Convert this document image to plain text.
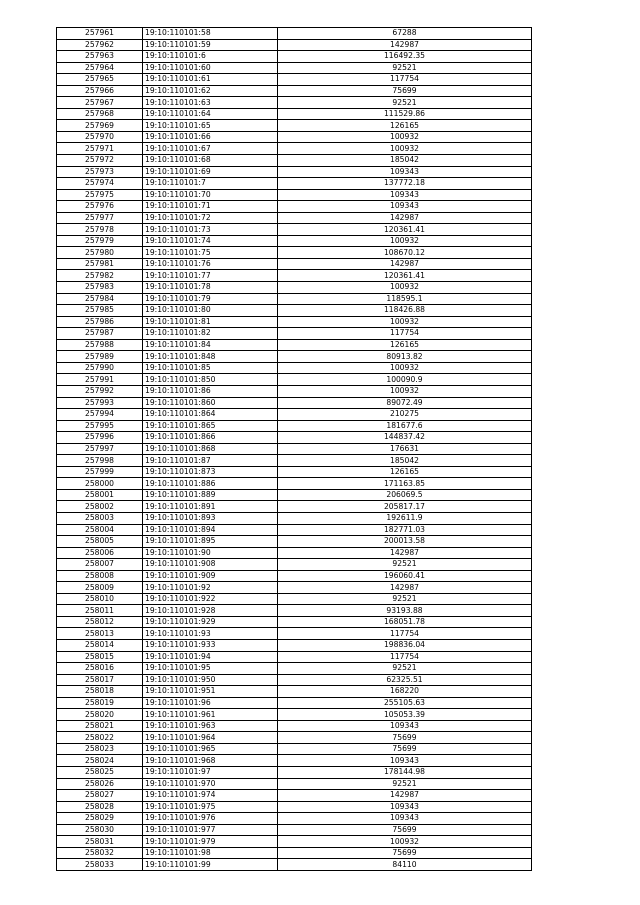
257961	19:10:110101:58	67288
257962	19:10:110101:59	142987
257963	19:10:110101:6	116492.35
257964	19:10:110101:60	92521
257965	19:10:110101:61	117754
257966	19:10:110101:62	75699
257967	19:10:110101:63	92521
257968	19:10:110101:64	111529.86
257969	19:10:110101:65	126165
257970	19:10:110101:66	100932
257971	19:10:110101:67	100932
257972	19:10:110101:68	185042
257973	19:10:110101:69	109343
257974	19:10:110101:7	137772.18
257975	19:10:110101:70	109343
257976	19:10:110101:71	109343
257977	19:10:110101:72	142987
257978	19:10:110101:73	120361.41
257979	19:10:110101:74	100932
257980	19:10:110101:75	108670.12
257981	19:10:110101:76	142987
257982	19:10:110101:77	120361.41
257983	19:10:110101:78	100932
257984	19:10:110101:79	118595.1
257985	19:10:110101:80	118426.88
257986	19:10:110101:81	100932
257987	19:10:110101:82	117754
257988	19:10:110101:84	126165
257989	19:10:110101:848	80913.82
257990	19:10:110101:85	100932
257991	19:10:110101:850	100090.9
257992	19:10:110101:86	100932
257993	19:10:110101:860	89072.49
257994	19:10:110101:864	210275
257995	19:10:110101:865	181677.6
257996	19:10:110101:866	144837.42
257997	19:10:110101:868	176631
257998	19:10:110101:87	185042
257999	19:10:110101:873	126165
258000	19:10:110101:886	171163.85
258001	19:10:110101:889	206069.5
258002	19:10:110101:891	205817.17
258003	19:10:110101:893	192611.9
258004	19:10:110101:894	182771.03
258005	19:10:110101:895	200013.58
258006	19:10:110101:90	142987
258007	19:10:110101:908	92521
258008	19:10:110101:909	196060.41
258009	19:10:110101:92	142987
258010	19:10:110101:922	92521
258011	19:10:110101:928	93193.88
258012	19:10:110101:929	168051.78
258013	19:10:110101:93	117754
258014	19:10:110101:933	198836.04
258015	19:10:110101:94	117754
258016	19:10:110101:95	92521
258017	19:10:110101:950	62325.51
258018	19:10:110101:951	168220
258019	19:10:110101:96	255105.63
258020	19:10:110101:961	105053.39
258021	19:10:110101:963	109343
258022	19:10:110101:964	75699
258023	19:10:110101:965	75699
258024	19:10:110101:968	109343
258025	19:10:110101:97	178144.98
258026	19:10:110101:970	92521
258027	19:10:110101:974	142987
258028	19:10:110101:975	109343
258029	19:10:110101:976	109343
258030	19:10:110101:977	75699
258031	19:10:110101:979	100932
258032	19:10:110101:98	75699
258033	19:10:110101:99	84110
